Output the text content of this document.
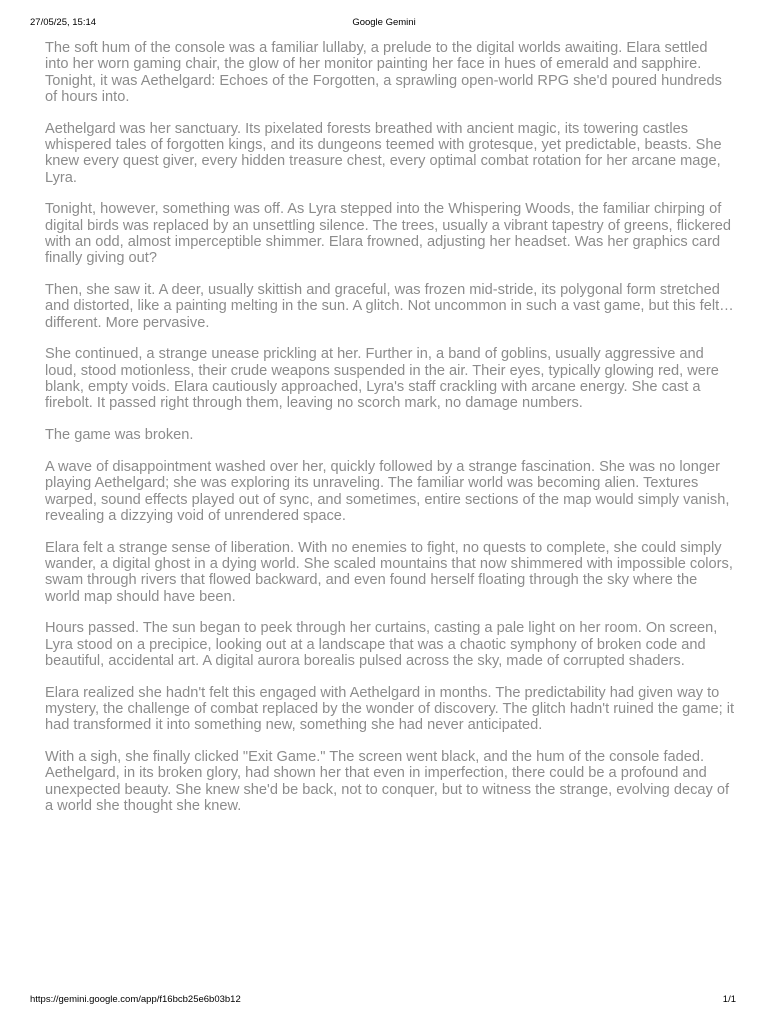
27/05/25, 15:14	Google Gemini

The soft hum of the console was a familiar lullaby, a prelude to the digital worlds awaiting. Elara settled into her worn gaming chair, the glow of her monitor painting her face in hues of emerald and sapphire. Tonight, it was Aethelgard: Echoes of the Forgotten, a sprawling open-world RPG she'd poured hundreds of hours into.

Aethelgard was her sanctuary. Its pixelated forests breathed with ancient magic, its towering castles whispered tales of forgotten kings, and its dungeons teemed with grotesque, yet predictable, beasts. She knew every quest giver, every hidden treasure chest, every optimal combat rotation for her arcane mage, Lyra.

Tonight, however, something was off. As Lyra stepped into the Whispering Woods, the familiar chirping of digital birds was replaced by an unsettling silence. The trees, usually a vibrant tapestry of greens, flickered with an odd, almost imperceptible shimmer. Elara frowned, adjusting her headset. Was her graphics card finally giving out?

Then, she saw it. A deer, usually skittish and graceful, was frozen mid-stride, its polygonal form stretched and distorted, like a painting melting in the sun. A glitch. Not uncommon in such a vast game, but this felt… different. More pervasive.

She continued, a strange unease prickling at her. Further in, a band of goblins, usually aggressive and loud, stood motionless, their crude weapons suspended in the air. Their eyes, typically glowing red, were blank, empty voids. Elara cautiously approached, Lyra's staff crackling with arcane energy. She cast a firebolt. It passed right through them, leaving no scorch mark, no damage numbers.

The game was broken.

A wave of disappointment washed over her, quickly followed by a strange fascination. She was no longer playing Aethelgard; she was exploring its unraveling. The familiar world was becoming alien. Textures warped, sound effects played out of sync, and sometimes, entire sections of the map would simply vanish, revealing a dizzying void of unrendered space.

Elara felt a strange sense of liberation. With no enemies to fight, no quests to complete, she could simply wander, a digital ghost in a dying world. She scaled mountains that now shimmered with impossible colors, swam through rivers that flowed backward, and even found herself floating through the sky where the world map should have been.

Hours passed. The sun began to peek through her curtains, casting a pale light on her room. On screen, Lyra stood on a precipice, looking out at a landscape that was a chaotic symphony of broken code and beautiful, accidental art. A digital aurora borealis pulsed across the sky, made of corrupted shaders.

Elara realized she hadn't felt this engaged with Aethelgard in months. The predictability had given way to mystery, the challenge of combat replaced by the wonder of discovery. The glitch hadn't ruined the game; it had transformed it into something new, something she had never anticipated.

With a sigh, she finally clicked "Exit Game." The screen went black, and the hum of the console faded. Aethelgard, in its broken glory, had shown her that even in imperfection, there could be a profound and unexpected beauty. She knew she'd be back, not to conquer, but to witness the strange, evolving decay of a world she thought she knew.

https://gemini.google.com/app/f16bcb25e6b03b12	1/1
